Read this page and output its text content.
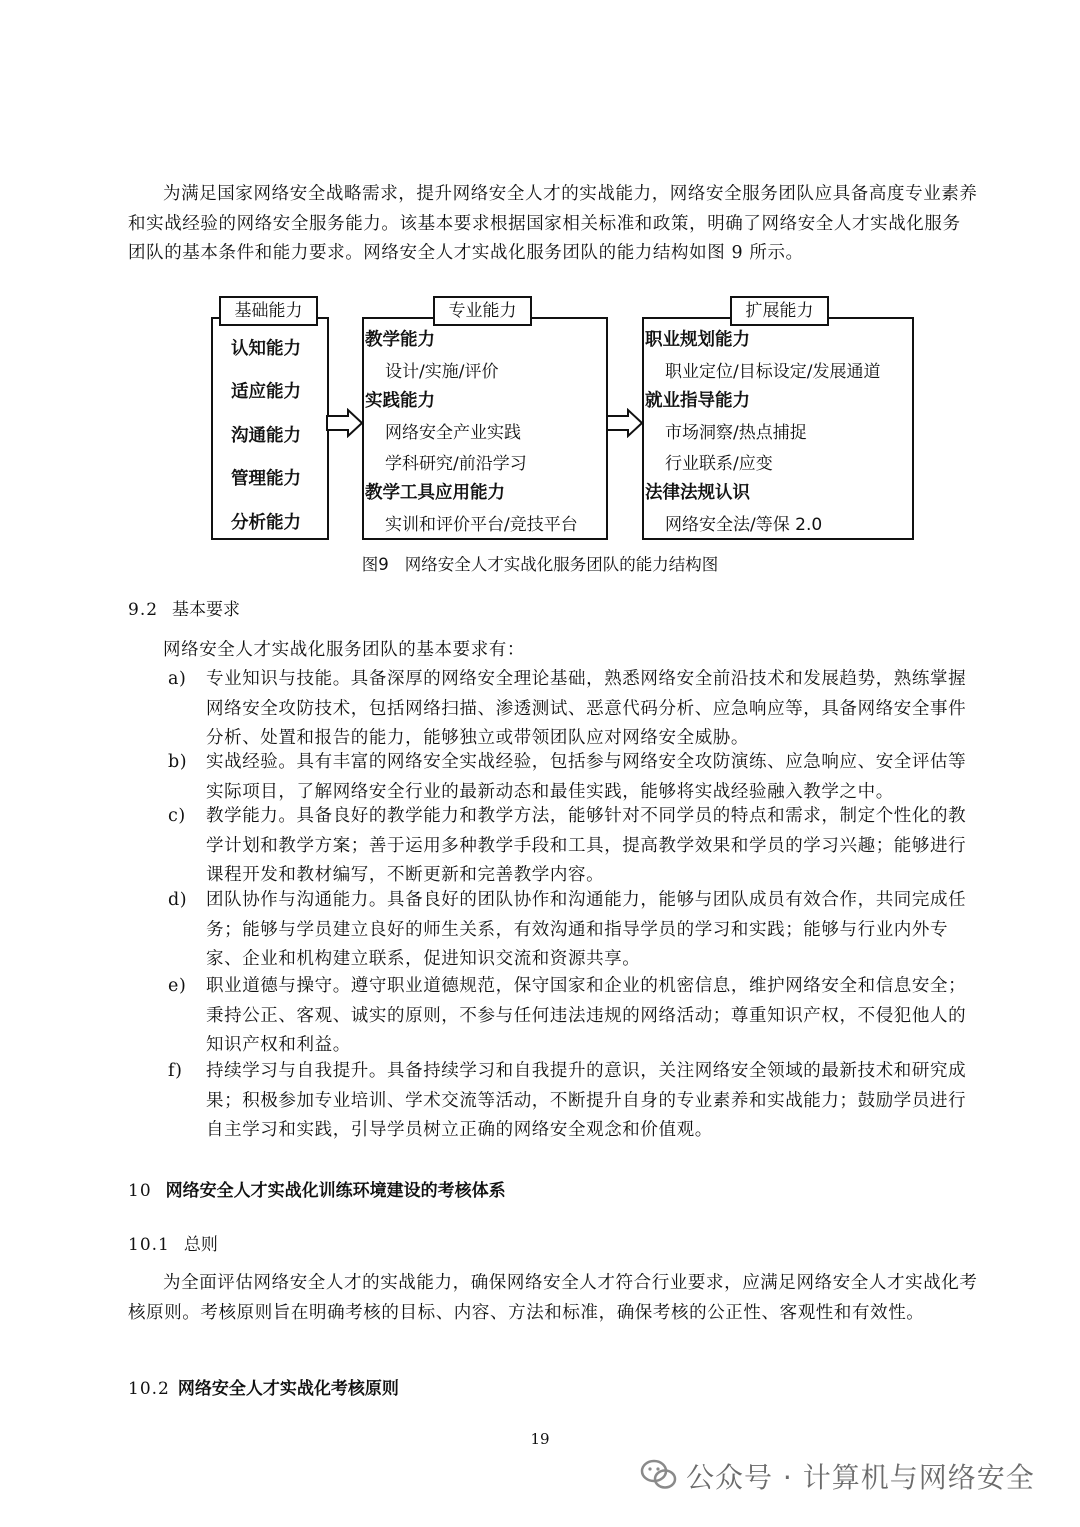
为满足国家网络安全战略需求，提升网络安全人才的实战能力，网络安全服务团队应具备高度专业素养和实战经验的网络安全服务能力。该基本要求根据国家相关标准和政策，明确了网络安全人才实战化服务团队的基本条件和能力要求。网络安全人才实战化服务团队的能力结构如图 9 所示。

基础能力
认知能力
适应能力
沟通能力
管理能力
分析能力
专业能力
教学能力
设计/实施/评价
实践能力
网络安全产业实践
学科研究/前沿学习
教学工具应用能力
实训和评价平台/竞技平台
扩展能力
职业规划能力
职业定位/目标设定/发展通道
就业指导能力
市场洞察/热点捕捉
行业联系/应变
法律法规认识
网络安全法/等保 2.0
图9 网络安全人才实战化服务团队的能力结构图
9.2 基本要求

网络安全人才实战化服务团队的基本要求有：

a)	专业知识与技能。具备深厚的网络安全理论基础，熟悉网络安全前沿技术和发展趋势，熟练掌握网络安全攻防技术，包括网络扫描、渗透测试、恶意代码分析、应急响应等，具备网络安全事件分析、处置和报告的能力，能够独立或带领团队应对网络安全威胁。
b)	实战经验。具有丰富的网络安全实战经验，包括参与网络安全攻防演练、应急响应、安全评估等实际项目，了解网络安全行业的最新动态和最佳实践，能够将实战经验融入教学之中。
c)	教学能力。具备良好的教学能力和教学方法，能够针对不同学员的特点和需求，制定个性化的教学计划和教学方案；善于运用多种教学手段和工具，提高教学效果和学员的学习兴趣；能够进行课程开发和教材编写，不断更新和完善教学内容。
d)	团队协作与沟通能力。具备良好的团队协作和沟通能力，能够与团队成员有效合作，共同完成任务；能够与学员建立良好的师生关系，有效沟通和指导学员的学习和实践；能够与行业内外专家、企业和机构建立联系，促进知识交流和资源共享。
e)	职业道德与操守。遵守职业道德规范，保守国家和企业的机密信息，维护网络安全和信息安全；秉持公正、客观、诚实的原则，不参与任何违法违规的网络活动；尊重知识产权，不侵犯他人的知识产权和利益。
f)	持续学习与自我提升。具备持续学习和自我提升的意识，关注网络安全领域的最新技术和研究成果；积极参加专业培训、学术交流等活动，不断提升自身的专业素养和实战能力；鼓励学员进行自主学习和实践，引导学员树立正确的网络安全观念和价值观。
10 网络安全人才实战化训练环境建设的考核体系
10.1 总则

为全面评估网络安全人才的实战能力，确保网络安全人才符合行业要求，应满足网络安全人才实战化考核原则。考核原则旨在明确考核的目标、内容、方法和标准，确保考核的公正性、客观性和有效性。

10.2 网络安全人才实战化考核原则
19
公众号 · 计算机与网络安全
